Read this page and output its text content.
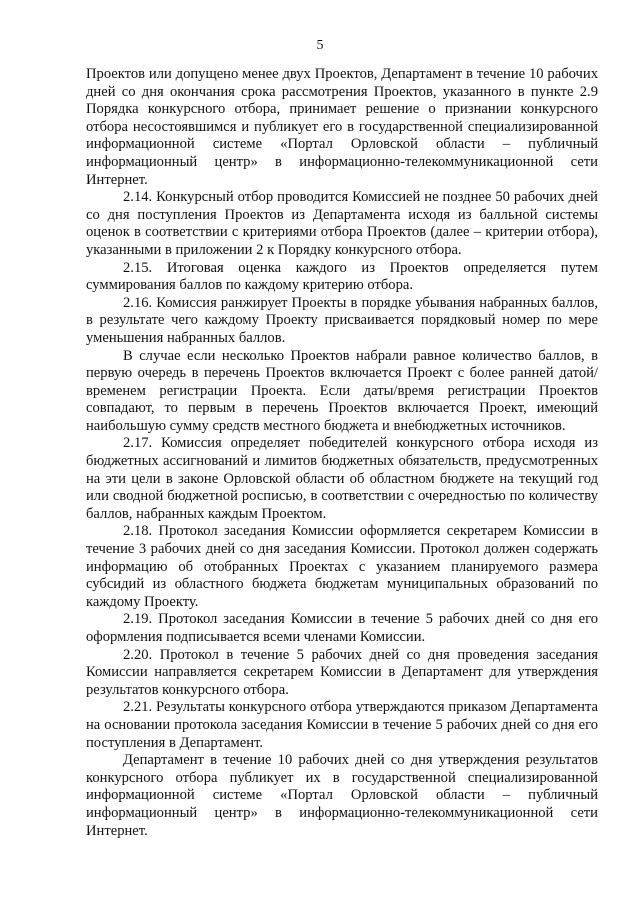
5

Проектов или допущено менее двух Проектов, Департамент в течение 10 рабочих дней со дня окончания срока рассмотрения Проектов, указанного в пункте 2.9 Порядка конкурсного отбора, принимает решение о признании конкурсного отбора несостоявшимся и публикует его в государственной специализированной информационной системе «Портал Орловской области – публичный информационный центр» в информационно-телекоммуникационной сети Интернет.

2.14. Конкурсный отбор проводится Комиссией не позднее 50 рабочих дней со дня поступления Проектов из Департамента исходя из балльной системы оценок в соответствии с критериями отбора Проектов (далее – критерии отбора), указанными в приложении 2 к Порядку конкурсного отбора.

2.15. Итоговая оценка каждого из Проектов определяется путем суммирования баллов по каждому критерию отбора.

2.16. Комиссия ранжирует Проекты в порядке убывания набранных баллов, в результате чего каждому Проекту присваивается порядковый номер по мере уменьшения набранных баллов.

В случае если несколько Проектов набрали равное количество баллов, в первую очередь в перечень Проектов включается Проект с более ранней датой/временем регистрации Проекта. Если даты/время регистрации Проектов совпадают, то первым в перечень Проектов включается Проект, имеющий наибольшую сумму средств местного бюджета и внебюджетных источников.

2.17. Комиссия определяет победителей конкурсного отбора исходя из бюджетных ассигнований и лимитов бюджетных обязательств, предусмотренных на эти цели в законе Орловской области об областном бюджете на текущий год или сводной бюджетной росписью, в соответствии с очередностью по количеству баллов, набранных каждым Проектом.

2.18. Протокол заседания Комиссии оформляется секретарем Комиссии в течение 3 рабочих дней со дня заседания Комиссии. Протокол должен содержать информацию об отобранных Проектах с указанием планируемого размера субсидий из областного бюджета бюджетам муниципальных образований по каждому Проекту.

2.19. Протокол заседания Комиссии в течение 5 рабочих дней со дня его оформления подписывается всеми членами Комиссии.

2.20. Протокол в течение 5 рабочих дней со дня проведения заседания Комиссии направляется секретарем Комиссии в Департамент для утверждения результатов конкурсного отбора.

2.21. Результаты конкурсного отбора утверждаются приказом Департамента на основании протокола заседания Комиссии в течение 5 рабочих дней со дня его поступления в Департамент.

Департамент в течение 10 рабочих дней со дня утверждения результатов конкурсного отбора публикует их в государственной специализированной информационной системе «Портал Орловской области – публичный информационный центр» в информационно-телекоммуникационной сети Интернет.
